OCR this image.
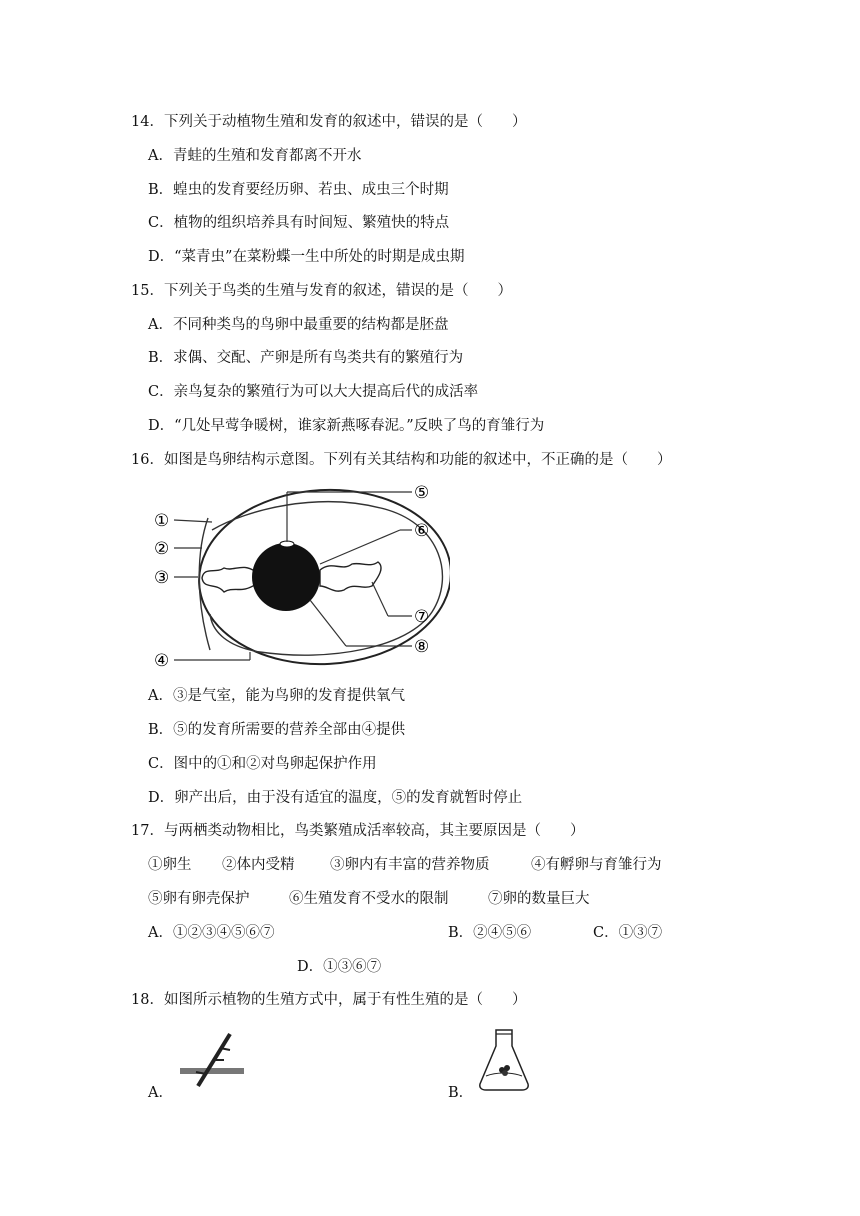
14．下列关于动植物生殖和发育的叙述中，错误的是（　　）
A．青蛙的生殖和发育都离不开水
B．蝗虫的发育要经历卵、若虫、成虫三个时期
C．植物的组织培养具有时间短、繁殖快的特点
D．“菜青虫”在菜粉蝶一生中所处的时期是成虫期
15．下列关于鸟类的生殖与发育的叙述，错误的是（　　）
A．不同种类鸟的鸟卵中最重要的结构都是胚盘
B．求偶、交配、产卵是所有鸟类共有的繁殖行为
C．亲鸟复杂的繁殖行为可以大大提高后代的成活率
D．“几处早莺争暖树，谁家新燕啄春泥。”反映了鸟的育雏行为
16．如图是鸟卵结构示意图。下列有关其结构和功能的叙述中，不正确的是（　　）
①
②
③
④
⑤
⑥
⑦
⑧
A．③是气室，能为鸟卵的发育提供氧气
B．⑤的发育所需要的营养全部由④提供
C．图中的①和②对鸟卵起保护作用
D．卵产出后，由于没有适宜的温度，⑤的发育就暂时停止
17．与两栖类动物相比，鸟类繁殖成活率较高，其主要原因是（　　）
①卵生 ②体内受精 ③卵内有丰富的营养物质	④有孵卵与育雏行为
⑤卵有卵壳保护	⑥生殖发育不受水的限制	⑦卵的数量巨大
A．①②③④⑤⑥⑦	B．②④⑤⑥	C．①③⑦
D．①③⑥⑦
18．如图所示植物的生殖方式中，属于有性生殖的是（　　）
A．	B．
